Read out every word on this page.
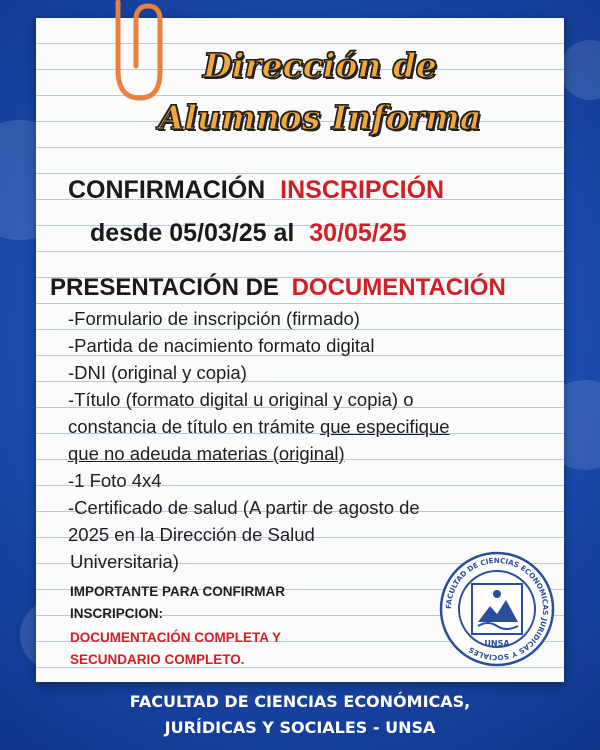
Dirección de
Alumnos Informa
CONFIRMACIÓN INSCRIPCIÓN
desde 05/03/25 al 30/05/25
PRESENTACIÓN DE DOCUMENTACIÓN
-Formulario de inscripción (firmado)
-Partida de nacimiento formato digital
-DNI (original y copia)
-Título (formato digital u original y copia) o
constancia de título en trámite que especifique
que no adeuda materias (original)
-1 Foto 4x4
-Certificado de salud (A partir de agosto de
2025 en la Dirección de Salud
Universitaria)
IMPORTANTE PARA CONFIRMAR
INSCRIPCION:
DOCUMENTACIÓN COMPLETA Y
SECUNDARIO COMPLETO.
FACULTAD DE CIENCIAS ECONOMICAS JURIDICAS Y SOCIALES
UNSA
FACULTAD DE CIENCIAS ECONÓMICAS,
JURÍDICAS Y SOCIALES - UNSA
